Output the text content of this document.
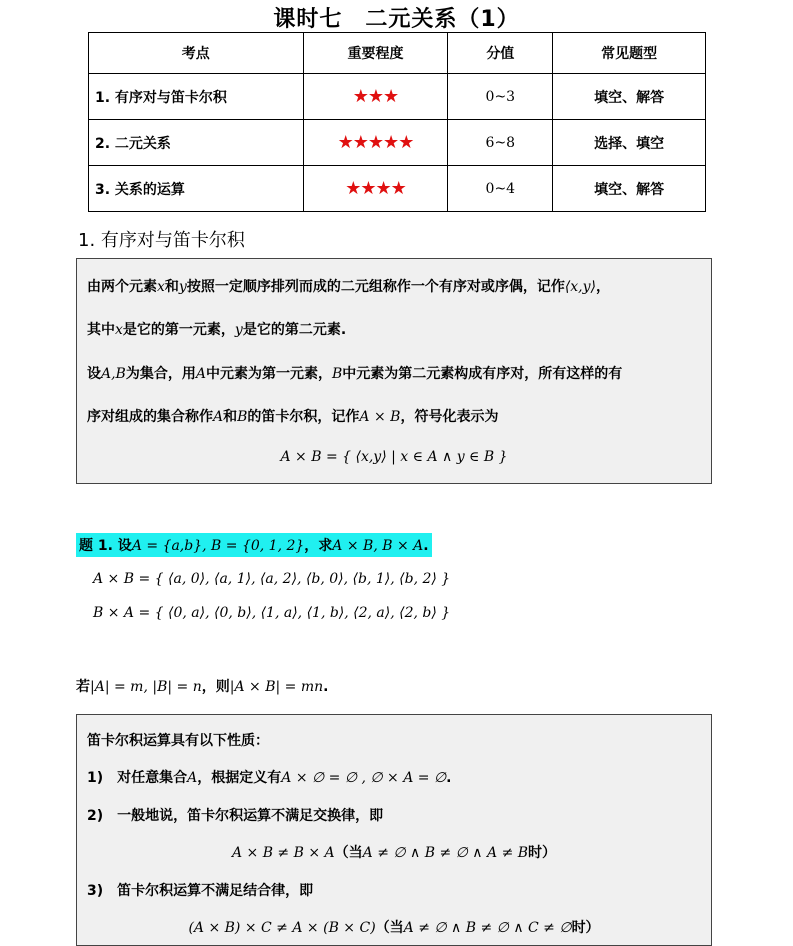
课时七　二元关系（1）
考点	重要程度	分值	常见题型
1. 有序对与笛卡尔积	★★★	0~3	填空、解答
2. 二元关系	★★★★★	6~8	选择、填空
3. 关系的运算	★★★★	0~4	填空、解答
1. 有序对与笛卡尔积
由两个元素x和y按照一定顺序排列而成的二元组称作一个有序对或序偶，记作⟨x,y⟩，
其中x是它的第一元素，y是它的第二元素.
设A,B为集合，用A中元素为第一元素，B中元素为第二元素构成有序对，所有这样的有
序对组成的集合称作A和B的笛卡尔积，记作A × B，符号化表示为
A × B = { ⟨x,y⟩ | x ∈ A ∧ y ∈ B }
题 1. 设A = {a,b}, B = {0, 1, 2}，求A × B, B × A.
A × B = { ⟨a, 0⟩, ⟨a, 1⟩, ⟨a, 2⟩, ⟨b, 0⟩, ⟨b, 1⟩, ⟨b, 2⟩ }
B × A = { ⟨0, a⟩, ⟨0, b⟩, ⟨1, a⟩, ⟨1, b⟩, ⟨2, a⟩, ⟨2, b⟩ }
若|A| = m, |B| = n，则|A × B| = mn.
笛卡尔积运算具有以下性质：
1)　对任意集合A，根据定义有A × ∅ = ∅ , ∅ × A = ∅.
2)　一般地说，笛卡尔积运算不满足交换律，即
A × B ≠ B × A（当A ≠ ∅ ∧ B ≠ ∅ ∧ A ≠ B时）
3)　笛卡尔积运算不满足结合律，即
(A × B) × C ≠ A × (B × C)（当A ≠ ∅ ∧ B ≠ ∅ ∧ C ≠ ∅时）
